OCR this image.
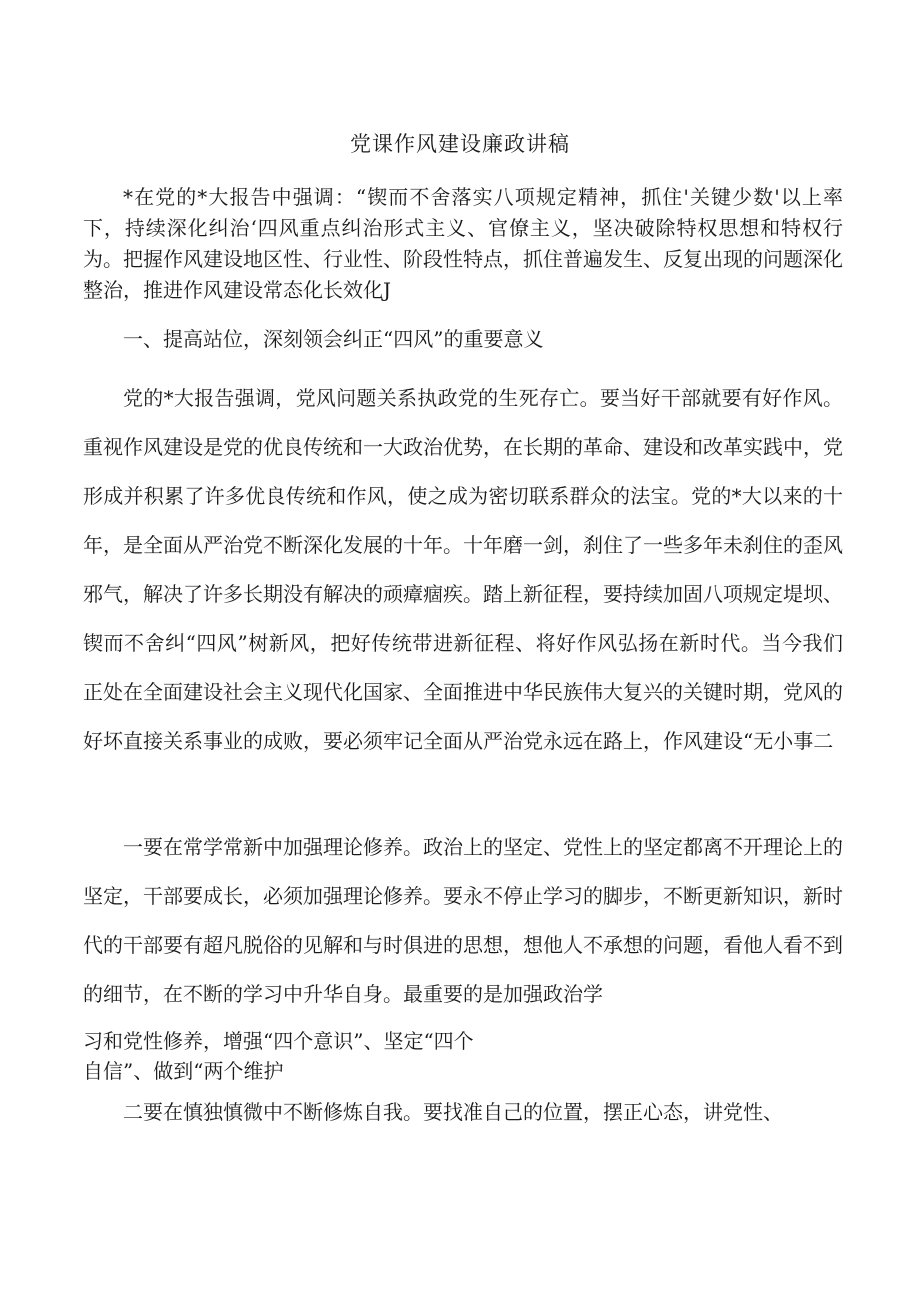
党课作风建设廉政讲稿

*在党的*大报告中强调：“锲而不舍落实八项规定精神，抓住'关键少数'以上率下，持续深化纠治‘四风重点纠治形式主义、官僚主义，坚决破除特权思想和特权行为。把握作风建设地区性、行业性、阶段性特点，抓住普遍发生、反复出现的问题深化整治，推进作风建设常态化长效化J

一、提高站位，深刻领会纠正“四风”的重要意义

党的*大报告强调，党风问题关系执政党的生死存亡。要当好干部就要有好作风。重视作风建设是党的优良传统和一大政治优势，在长期的革命、建设和改革实践中，党形成并积累了许多优良传统和作风，使之成为密切联系群众的法宝。党的*大以来的十年，是全面从严治党不断深化发展的十年。十年磨一剑，刹住了一些多年未刹住的歪风邪气，解决了许多长期没有解决的顽瘴痼疾。踏上新征程，要持续加固八项规定堤坝、锲而不舍纠“四风”树新风，把好传统带进新征程、将好作风弘扬在新时代。当今我们正处在全面建设社会主义现代化国家、全面推进中华民族伟大复兴的关键时期，党风的好坏直接关系事业的成败，要必须牢记全面从严治党永远在路上，作风建设“无小事二

一要在常学常新中加强理论修养。政治上的坚定、党性上的坚定都离不开理论上的坚定，干部要成长，必须加强理论修养。要永不停止学习的脚步，不断更新知识，新时代的干部要有超凡脱俗的见解和与时俱进的思想，想他人不承想的问题，看他人看不到的细节，在不断的学习中升华自身。最重要的是加强政治学

习和党性修养，增强“四个意识”、坚定“四个
自信”、做到“两个维护
二要在慎独慎微中不断修炼自我。要找准自己的位置，摆正心态，讲党性、
